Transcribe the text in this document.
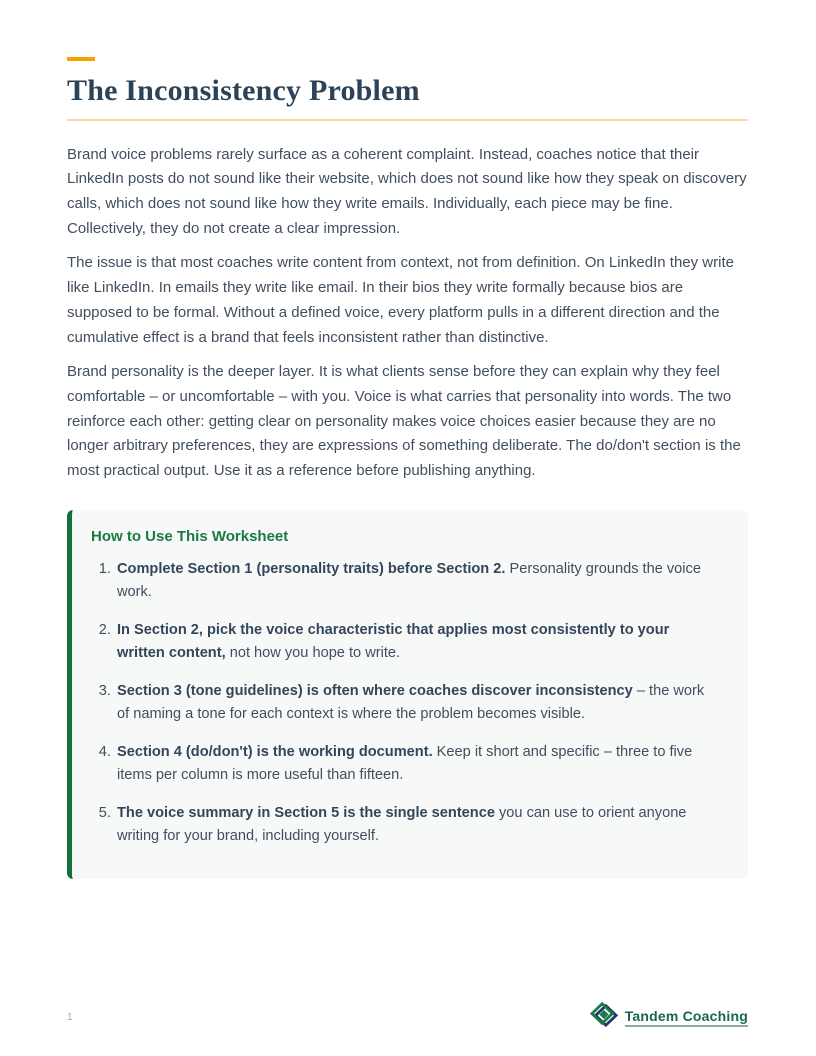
The Inconsistency Problem

Brand voice problems rarely surface as a coherent complaint. Instead, coaches notice that their LinkedIn posts do not sound like their website, which does not sound like how they speak on discovery calls, which does not sound like how they write emails. Individually, each piece may be fine. Collectively, they do not create a clear impression.

The issue is that most coaches write content from context, not from definition. On LinkedIn they write like LinkedIn. In emails they write like email. In their bios they write formally because bios are supposed to be formal. Without a defined voice, every platform pulls in a different direction and the cumulative effect is a brand that feels inconsistent rather than distinctive.

Brand personality is the deeper layer. It is what clients sense before they can explain why they feel comfortable – or uncomfortable – with you. Voice is what carries that personality into words. The two reinforce each other: getting clear on personality makes voice choices easier because they are no longer arbitrary preferences, they are expressions of something deliberate. The do/don't section is the most practical output. Use it as a reference before publishing anything.

How to Use This Worksheet
1. Complete Section 1 (personality traits) before Section 2. Personality grounds the voice work.
2. In Section 2, pick the voice characteristic that applies most consistently to your written content, not how you hope to write.
3. Section 3 (tone guidelines) is often where coaches discover inconsistency – the work of naming a tone for each context is where the problem becomes visible.
4. Section 4 (do/don't) is the working document. Keep it short and specific – three to five items per column is more useful than fifteen.
5. The voice summary in Section 5 is the single sentence you can use to orient anyone writing for your brand, including yourself.
1	Tandem Coaching
